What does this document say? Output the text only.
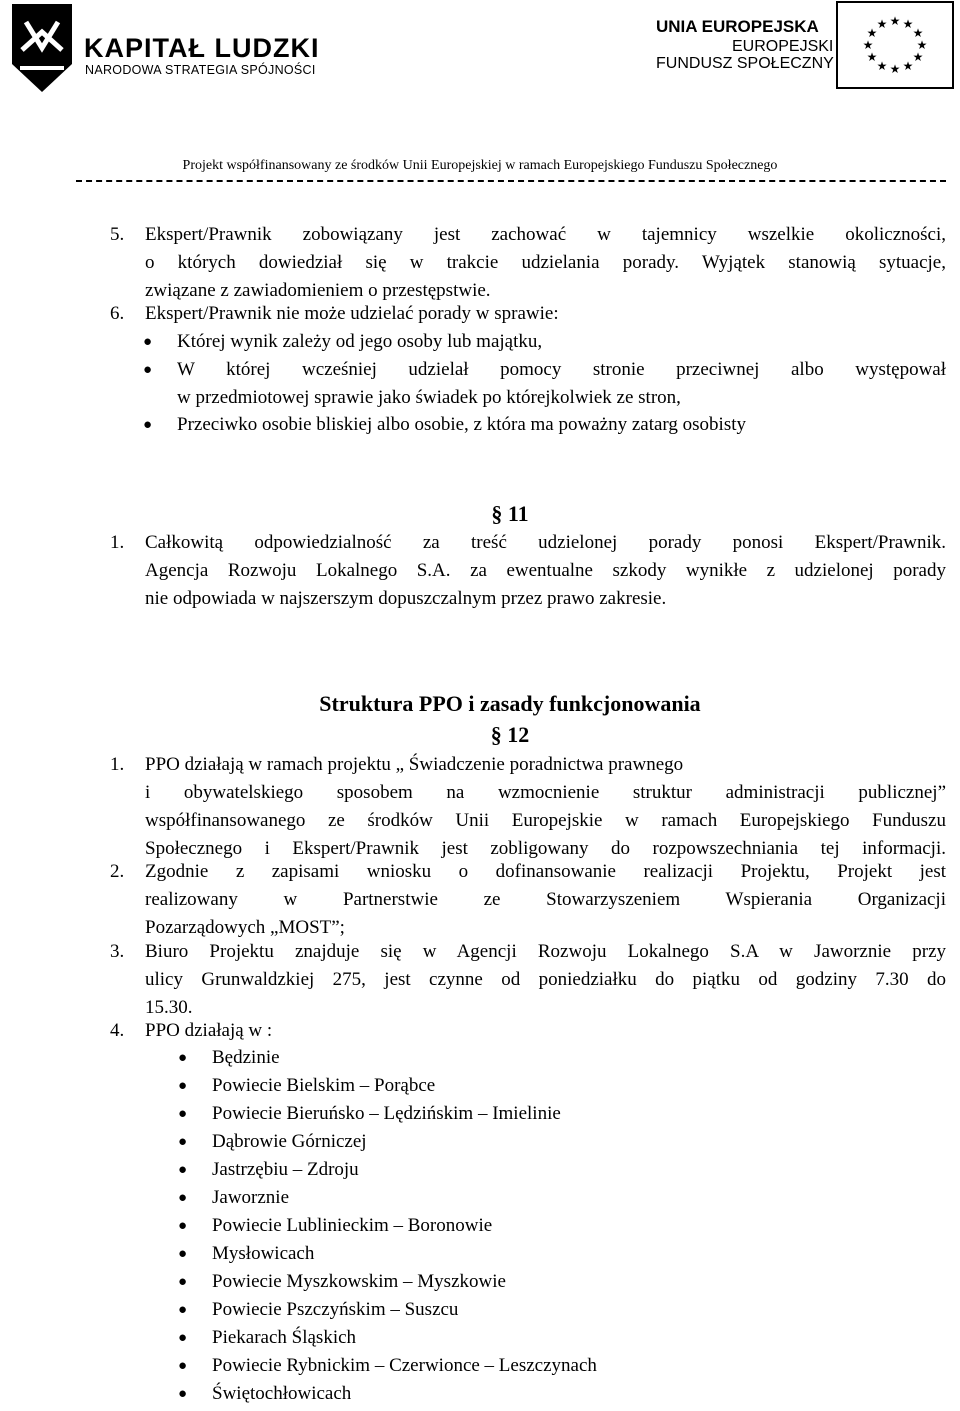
KAPITAŁ LUDZKI
NARODOWA STRATEGIA SPÓJNOŚCI
UNIA EUROPEJSKA
EUROPEJSKI
FUNDUSZ SPOŁECZNY
★ ★
★
★
★
★
★
★
★
★
★
★
Projekt współfinansowany ze środków Unii Europejskiej w ramach Europejskiego Funduszu Społecznego
5. Ekspert/Prawnik zobowiązany jest zachować w tajemnicy wszelkie okoliczności,
o których dowiedział się w trakcie udzielania porady. Wyjątek stanowią sytuacje,
związane z zawiadomieniem o przestępstwie.
6. Ekspert/Prawnik nie może udzielać porady w sprawie:
● Której wynik zależy od jego osoby lub majątku,
● W której wcześniej udzielał pomocy stronie przeciwnej albo występował
w przedmiotowej sprawie jako świadek po którejkolwiek ze stron,
● Przeciwko osobie bliskiej albo osobie, z która ma poważny zatarg osobisty
§ 11
1. Całkowitą odpowiedzialność za treść udzielonej porady ponosi Ekspert/Prawnik.
Agencja Rozwoju Lokalnego S.A. za ewentualne szkody wynikłe z udzielonej porady
nie odpowiada w najszerszym dopuszczalnym przez prawo zakresie.
Struktura PPO i zasady funkcjonowania
§ 12
1. PPO działają w ramach projektu „ Świadczenie poradnictwa prawnego
i obywatelskiego sposobem na wzmocnienie struktur administracji publicznej”
współfinansowanego ze środków Unii Europejskie w ramach Europejskiego Funduszu
Społecznego i Ekspert/Prawnik jest zobligowany do rozpowszechniania tej informacji.
2. Zgodnie z zapisami wniosku o dofinansowanie realizacji Projektu, Projekt jest
realizowany w Partnerstwie ze Stowarzyszeniem Wspierania Organizacji
Pozarządowych „MOST”;
3. Biuro Projektu znajduje się w Agencji Rozwoju Lokalnego S.A w Jaworznie przy
ulicy Grunwaldzkiej 275, jest czynne od poniedziałku do piątku od godziny 7.30 do
15.30.
4. PPO działają w :
● Będzinie
● Powiecie Bielskim – Porąbce
● Powiecie Bieruńsko – Lędzińskim – Imielinie
● Dąbrowie Górniczej
● Jastrzębiu – Zdroju
● Jaworznie
● Powiecie Lublinieckim – Boronowie
● Mysłowicach
● Powiecie Myszkowskim – Myszkowie
● Powiecie Pszczyńskim – Suszcu
● Piekarach Śląskich
● Powiecie Rybnickim – Czerwionce – Leszczynach
● Świętochłowicach
